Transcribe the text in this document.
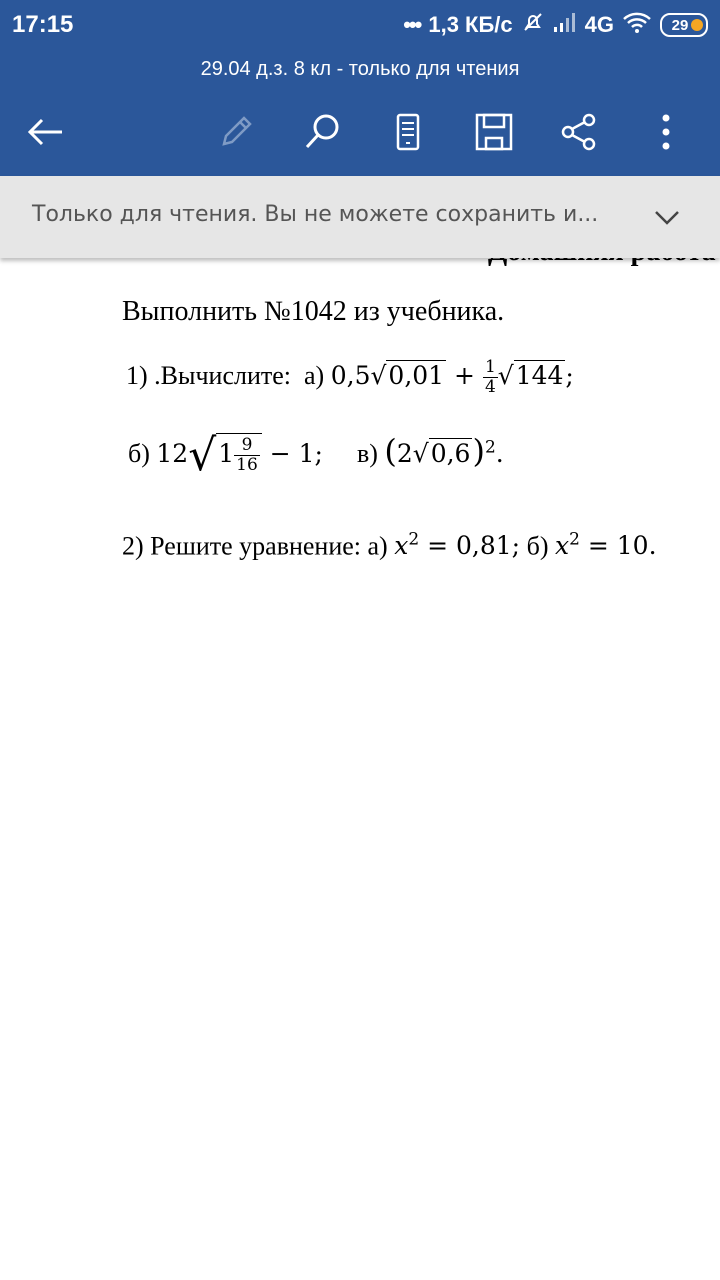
17:15	••• 1,3 КБ/с	4G	29
29.04 д.з. 8 кл - только для чтения
Только для чтения. Вы не можете сохранить и...
Выполнить №1042 из учебника.
1) .Вычислите: а) $0,5√0,01 + \frac{1}{4} √144$;
б) $12√1 \frac{9}{16} - 1$; в) $(2√0,6)^2$.
2) Решите уравнение: а) $x^2 = 0,81$; б) $x^2 = 10$.
